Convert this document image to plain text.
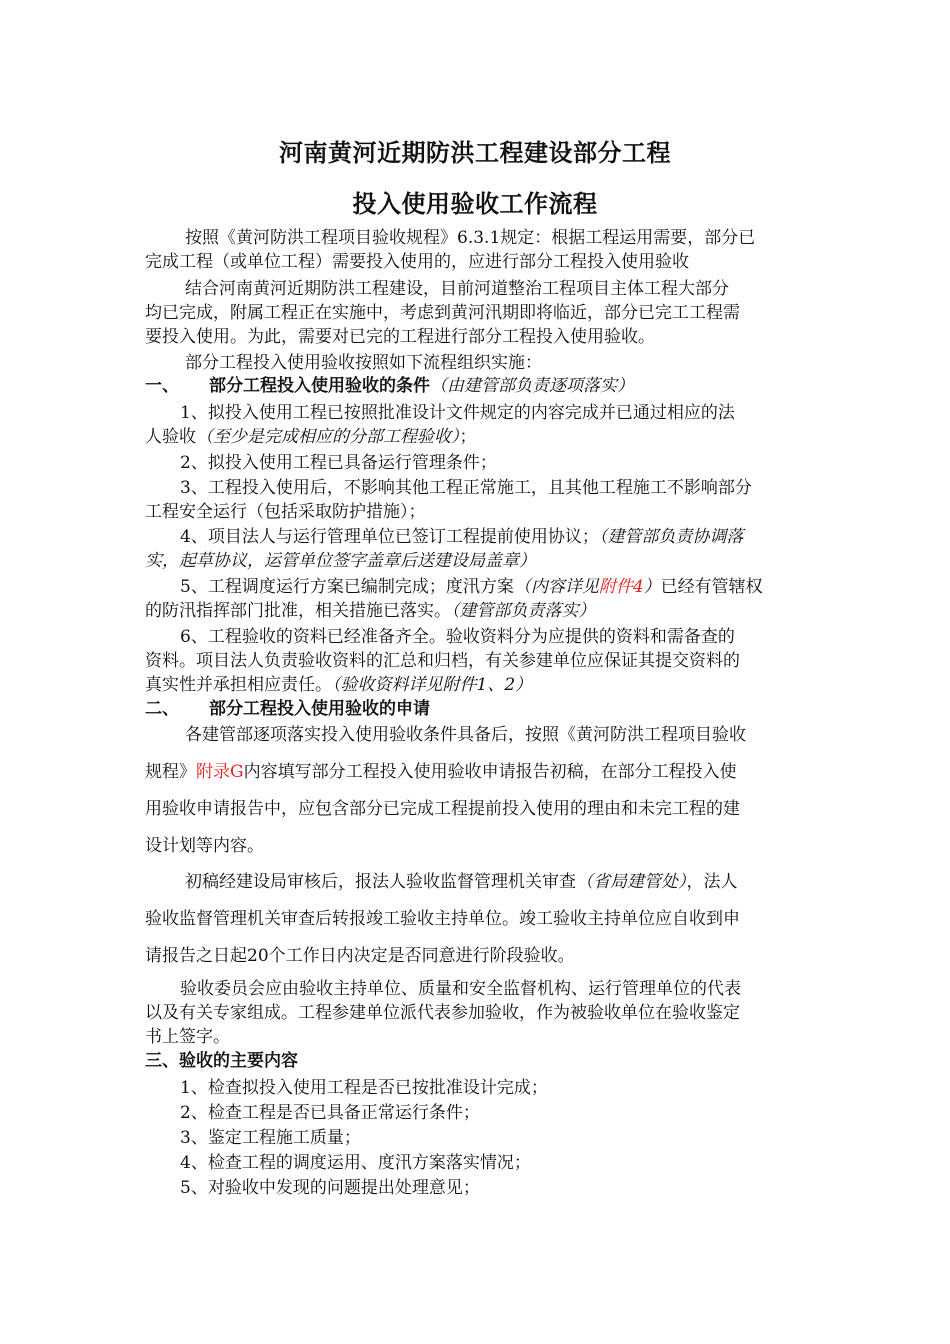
河南黄河近期防洪工程建设部分工程
投入使用验收工作流程
按照《黄河防洪工程项目验收规程》6.3.1规定：根据工程运用需要，部分已
完成工程（或单位工程）需要投入使用的，应进行部分工程投入使用验收
结合河南黄河近期防洪工程建设，目前河道整治工程项目主体工程大部分
均已完成，附属工程正在实施中，考虑到黄河汛期即将临近，部分已完工工程需
要投入使用。为此，需要对已完的工程进行部分工程投入使用验收。
部分工程投入使用验收按照如下流程组织实施：
一、 部分工程投入使用验收的条件（由建管部负责逐项落实）
1、拟投入使用工程已按照批准设计文件规定的内容完成并已通过相应的法
人验收（至少是完成相应的分部工程验收）；
2、拟投入使用工程已具备运行管理条件；
3、工程投入使用后，不影响其他工程正常施工，且其他工程施工不影响部分
工程安全运行（包括采取防护措施）；
4、项目法人与运行管理单位已签订工程提前使用协议；（建管部负责协调落
实，起草协议，运管单位签字盖章后送建设局盖章）
5、工程调度运行方案已编制完成；度汛方案（内容详见附件4）已经有管辖权
的防汛指挥部门批准，相关措施已落实。（建管部负责落实）
6、工程验收的资料已经准备齐全。验收资料分为应提供的资料和需备查的
资料。项目法人负责验收资料的汇总和归档，有关参建单位应保证其提交资料的
真实性并承担相应责任。（验收资料详见附件1、2）
二、 部分工程投入使用验收的申请
各建管部逐项落实投入使用验收条件具备后，按照《黄河防洪工程项目验收
规程》附录G内容填写部分工程投入使用验收申请报告初稿，在部分工程投入使
用验收申请报告中，应包含部分已完成工程提前投入使用的理由和未完工程的建
设计划等内容。
初稿经建设局审核后，报法人验收监督管理机关审查（省局建管处），法人
验收监督管理机关审查后转报竣工验收主持单位。竣工验收主持单位应自收到申
请报告之日起20个工作日内决定是否同意进行阶段验收。
验收委员会应由验收主持单位、质量和安全监督机构、运行管理单位的代表
以及有关专家组成。工程参建单位派代表参加验收，作为被验收单位在验收鉴定
书上签字。
三、验收的主要内容
1、检查拟投入使用工程是否已按批准设计完成；
2、检查工程是否已具备正常运行条件；
3、鉴定工程施工质量；
4、检查工程的调度运用、度汛方案落实情况；
5、对验收中发现的问题提出处理意见；
